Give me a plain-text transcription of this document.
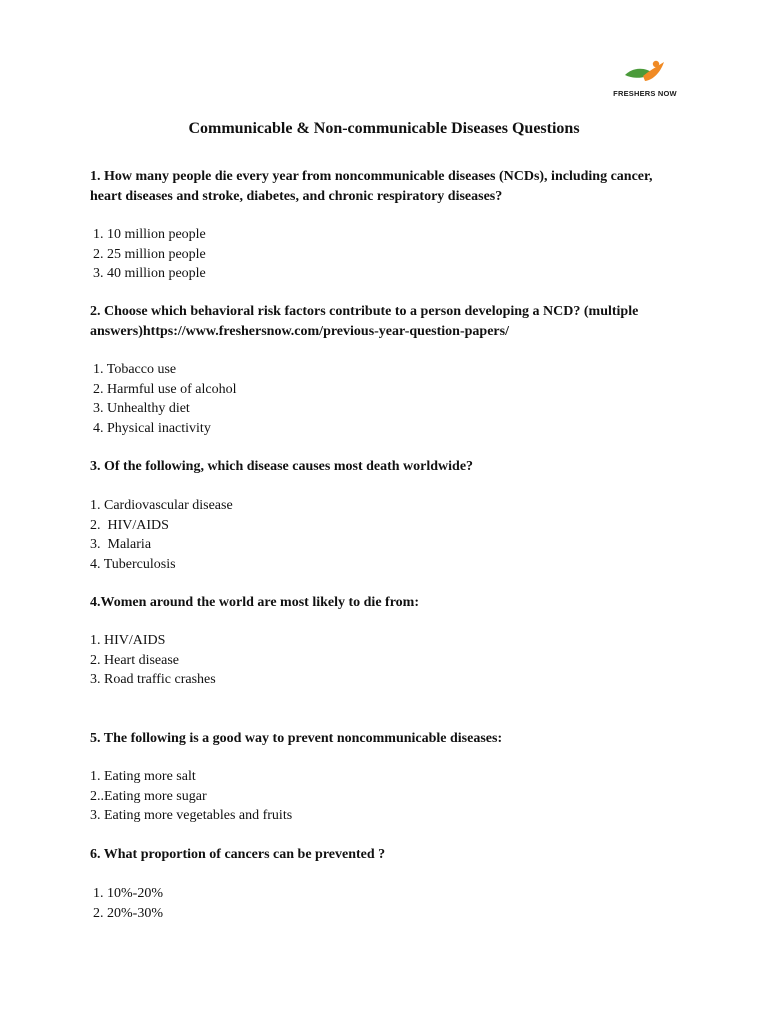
FRESHERS NOW
Communicable & Non-communicable Diseases Questions

1. How many people die every year from noncommunicable diseases (NCDs), including cancer, heart diseases and stroke, diabetes, and chronic respiratory diseases?

1. 10 million people
2. 25 million people
3. 40 million people

2. Choose which behavioral risk factors contribute to a person developing a NCD? (multiple answers)https://www.freshersnow.com/previous-year-question-papers/

1. Tobacco use
2. Harmful use of alcohol
3. Unhealthy diet
4. Physical inactivity

3. Of the following, which disease causes most death worldwide?

1. Cardiovascular disease
2.  HIV/AIDS
3.  Malaria
4. Tuberculosis

4.Women around the world are most likely to die from:

1. HIV/AIDS
2. Heart disease
3. Road traffic crashes

5. The following is a good way to prevent noncommunicable diseases:

1. Eating more salt
2..Eating more sugar
3. Eating more vegetables and fruits

6. What proportion of cancers can be prevented ?

1. 10%-20%
2. 20%-30%
